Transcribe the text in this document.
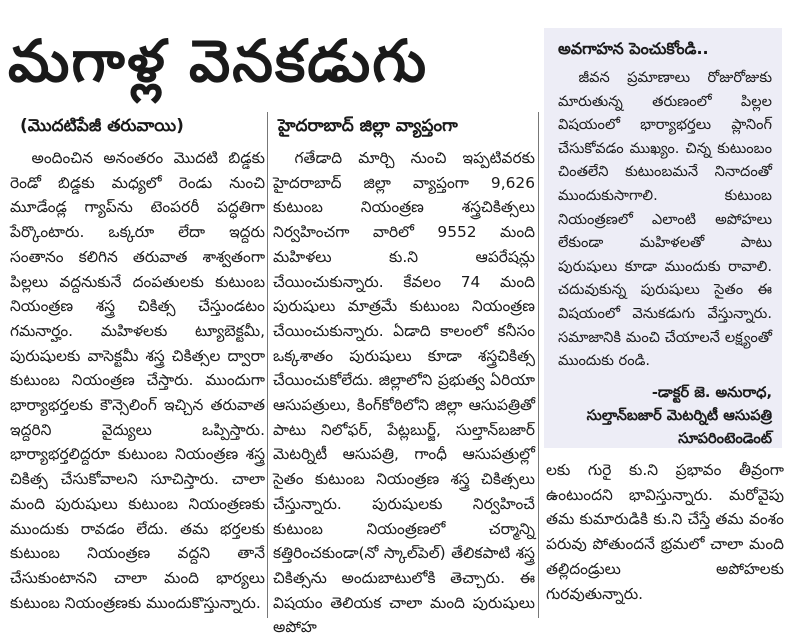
మగాళ్ల వెనకడుగు
(మొదటిపేజీ తరువాయి)	హైదరాబాద్ జిల్లా వ్యాప్తంగా

అందించిన అనంతరం మొదటి బిడ్డకు రెండో బిడ్డకు మధ్యలో రెండు నుంచి మూడేండ్ల గ్యాప్‌ను టెంపరరీ పద్ధతిగా పేర్కొంటారు. ఒక్కరూ లేదా ఇద్దరు సంతానం కలిగిన తరువాత శాశ్వతంగా పిల్లలు వద్దనుకునే దంపతులకు కుటుంబ నియంత్రణ శస్త్ర చికిత్స చేస్తుండటం గమనార్హం. మహిళలకు ట్యూబెక్టమీ, పురుషులకు వాసెక్టమీ శస్త్ర చికిత్సల ద్వారా కుటుంబ నియంత్రణ చేస్తారు. ముందుగా భార్యాభర్తలకు కౌన్సెలింగ్ ఇచ్చిన తరువాత ఇద్దరిని వైద్యులు ఒప్పిస్తారు. భార్యాభర్తలిద్దరూ కుటుంబ నియంత్రణ శస్త్ర చికిత్స చేసుకోవాలని సూచిస్తారు. చాలా మంది పురుషులు కుటుంబ నియంత్రణకు ముందుకు రావడం లేదు. తమ భర్తలకు కుటుంబ నియంత్రణ వద్దని తానే చేసుకుంటానని చాలా మంది భార్యలు కుటుంబ నియంత్రణకు ముందుకొస్తున్నారు.

గతేడాది మార్చి నుంచి ఇప్పటివరకు హైదరాబాద్ జిల్లా వ్యాప్తంగా 9,626 కుటుంబ నియంత్రణ శస్త్రచికిత్సలు నిర్వహించగా వారిలో 9552 మంది మహిళలు కు.ని ఆపరేషన్లు చేయించుకున్నారు. కేవలం 74 మంది పురుషులు మాత్రమే కుటుంబ నియంత్రణ చేయించుకున్నారు. ఏడాది కాలంలో కనీసం ఒక్కశాతం పురుషులు కూడా శస్త్రచికిత్స చేయించుకోలేదు. జిల్లాలోని ప్రభుత్వ ఏరియా ఆసుపత్రులు, కింగ్‌కోఠిలోని జిల్లా ఆసుపత్రితో పాటు నిలోఫర్, పేట్లబుర్జ్, సుల్తాన్‌బజార్ మెటర్నిటీ ఆసుపత్రి, గాంధీ ఆసుపత్రుల్లో సైతం కుటుంబ నియంత్రణ శస్త్ర చికిత్సలు చేస్తున్నారు. పురుషులకు నిర్వహించే కుటుంబ నియంత్రణలో చర్మాన్ని కత్తిరించకుండా(నో స్కాల్‌పెల్) తేలికపాటి శస్త్ర చికిత్సను అందుబాటులోకి తెచ్చారు. ఈ విషయం తెలియక చాలా మంది పురుషులు అపోహ

అవగాహన పెంచుకోండి..

జీవన ప్రమాణాలు రోజురోజుకు మారుతున్న తరుణంలో పిల్లల విషయంలో భార్యాభర్తలు ప్లానింగ్ చేసుకోవడం ముఖ్యం. చిన్న కుటుంబం చింతలేని కుటుంబమనే నినాదంతో ముందుకుసాగాలి. కుటుంబ నియంత్రణలో ఎలాంటి అపోహలు లేకుండా మహిళలతో పాటు పురుషులు కూడా ముందుకు రావాలి. చదువుకున్న పురుషులు సైతం ఈ విషయంలో వెనుకడుగు వేస్తున్నారు. సమాజానికి మంచి చేయాలనే లక్ష్యంతో ముందుకు రండి.

-డాక్టర్ జె. అనురాధ,
సుల్తాన్‌బజార్ మెటర్నిటీ ఆసుపత్రి
సూపరింటెండెంట్

లకు గురై కు.ని ప్రభావం తీవ్రంగా ఉంటుందని భావిస్తున్నారు. మరోవైపు తమ కుమారుడికి కు.ని చేస్తే తమ వంశం పరువు పోతుందనే భ్రమలో చాలా మంది తల్లిదండ్రులు అపోహలకు గురవుతున్నారు.
